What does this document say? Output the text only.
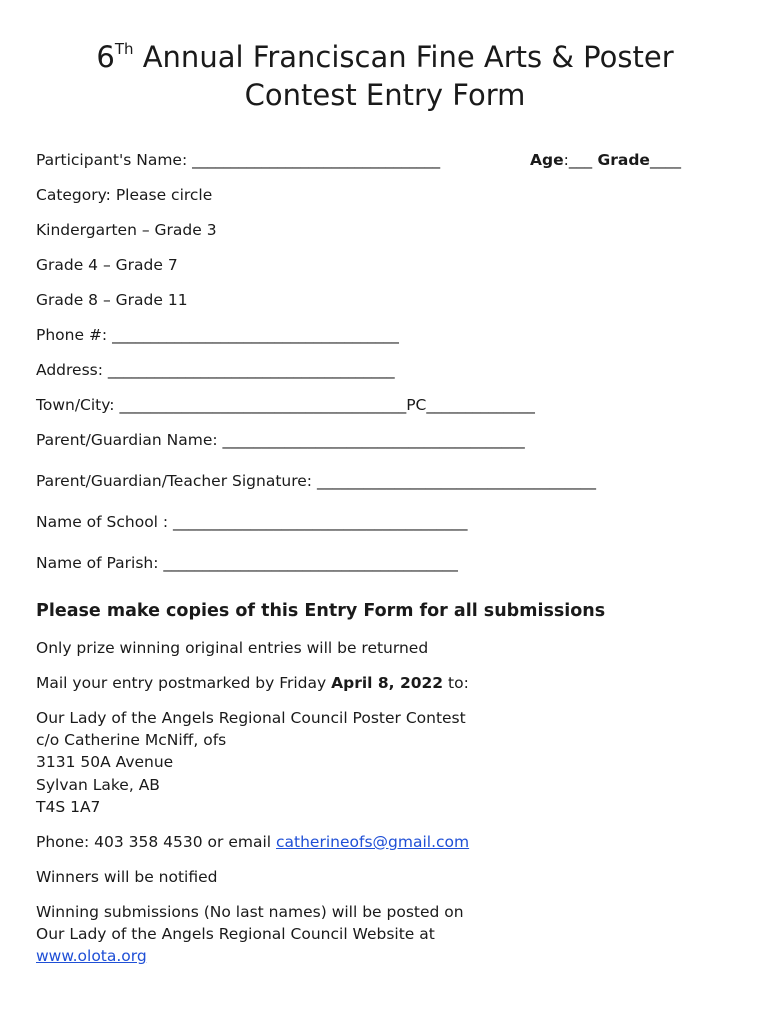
6Th Annual Franciscan Fine Arts & Poster
Contest Entry Form
Participant's Name: ________________________________	Age:___ Grade____
Category: Please circle
Kindergarten – Grade 3
Grade 4 – Grade 7
Grade 8 – Grade 11
Phone #: _____________________________________
Address: _____________________________________
Town/City: _____________________________________PC______________
Parent/Guardian Name: _______________________________________
Parent/Guardian/Teacher Signature: ____________________________________
Name of School : ______________________________________
Name of Parish: ______________________________________
Please make copies of this Entry Form for all submissions
Only prize winning original entries will be returned
Mail your entry postmarked by Friday April 8, 2022 to:
Our Lady of the Angels Regional Council Poster Contest
c/o Catherine McNiff, ofs
3131 50A Avenue
Sylvan Lake, AB
T4S 1A7
Phone: 403 358 4530 or email catherineofs@gmail.com
Winners will be notified
Winning submissions (No last names) will be posted on
Our Lady of the Angels Regional Council Website at
www.olota.org
